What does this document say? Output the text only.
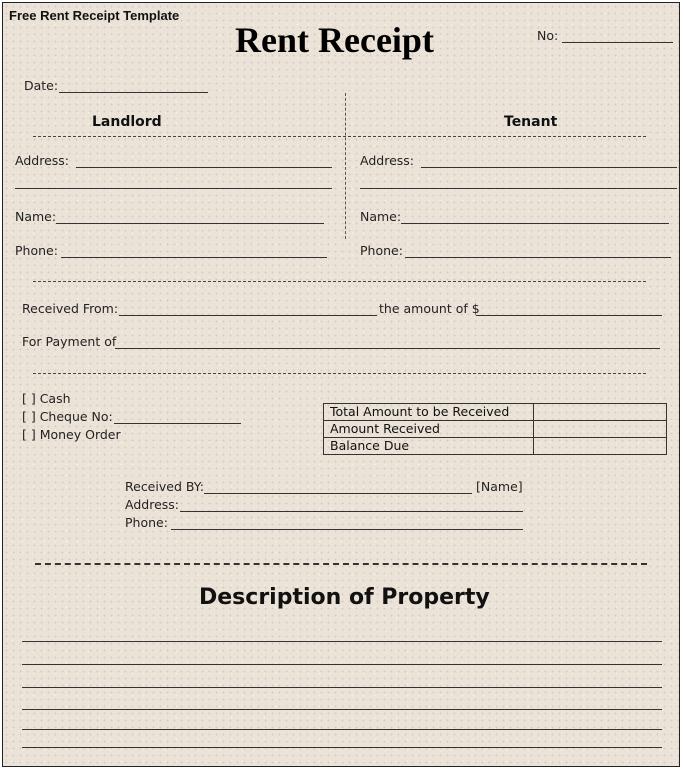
Free Rent Receipt Template
Rent Receipt	No:
Date:
Landlord	Tenant
Address:
Name:
Phone:
Address:
Name:
Phone:
Received From:	the amount of $
For Payment of
[ ] Cash
[ ] Cheque No:
[ ] Money Order
Total Amount to be Received	
Amount Received	
Balance Due	
Received BY:	[Name]
Address:
Phone:
Description of Property
